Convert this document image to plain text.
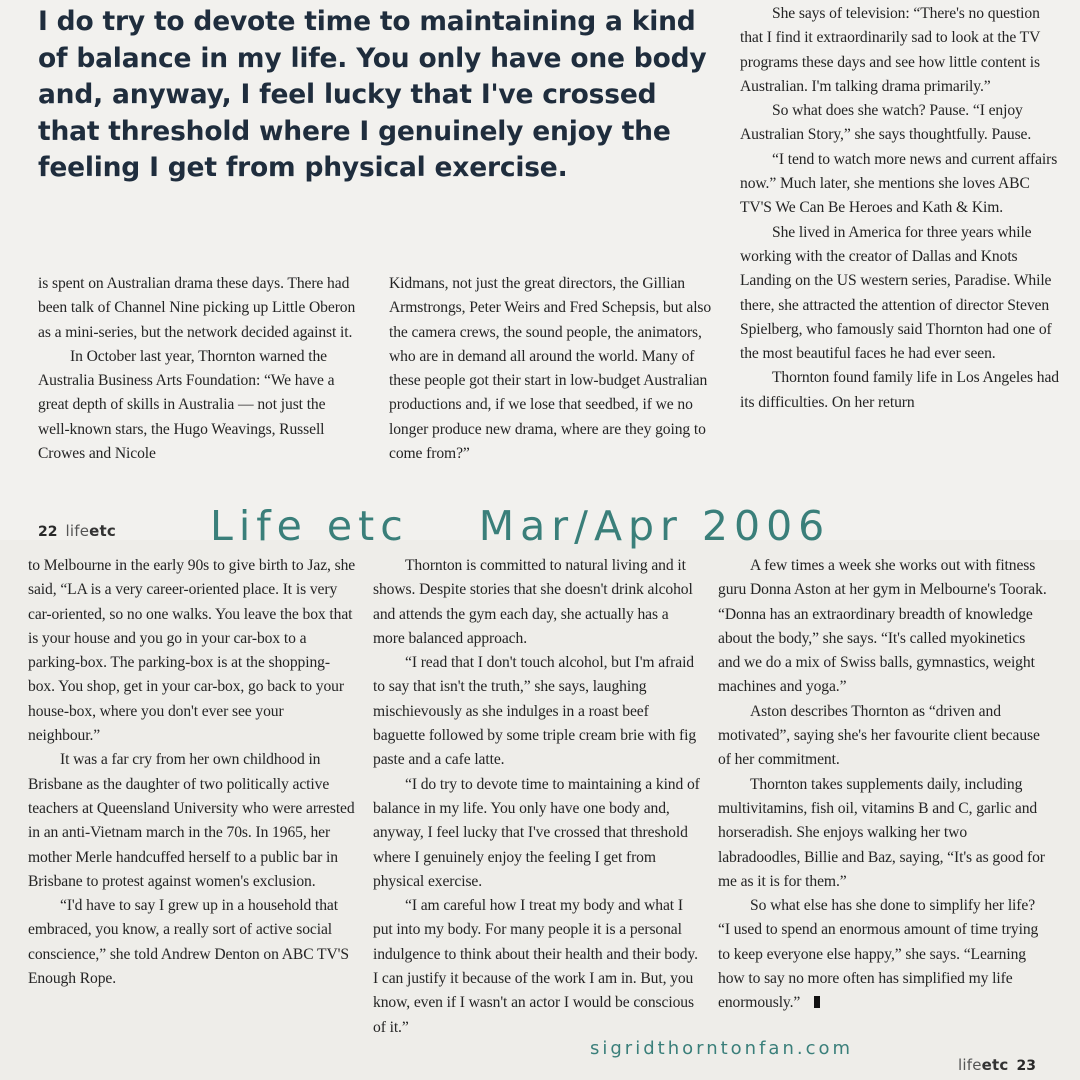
I do try to devote time to maintaining a kind of balance in my life. You only have one body and, anyway, I feel lucky that I've crossed that threshold where I genuinely enjoy the feeling I get from physical exercise.

is spent on Australian drama these days. There had been talk of Channel Nine picking up Little Oberon as a mini-series, but the network decided against it.

In October last year, Thornton warned the Australia Business Arts Foundation: “We have a great depth of skills in Australia — not just the well-known stars, the Hugo Weavings, Russell Crowes and Nicole

Kidmans, not just the great directors, the Gillian Armstrongs, Peter Weirs and Fred Schepsis, but also the camera crews, the sound people, the animators, who are in demand all around the world. Many of these people got their start in low-budget Australian productions and, if we lose that seedbed, if we no longer produce new drama, where are they going to come from?”

She says of television: “There's no question that I find it extraordinarily sad to look at the TV programs these days and see how little content is Australian. I'm talking drama primarily.”

So what does she watch? Pause. “I enjoy Australian Story,” she says thoughtfully. Pause.

“I tend to watch more news and current affairs now.” Much later, she mentions she loves ABC TV'S We Can Be Heroes and Kath & Kim.

She lived in America for three years while working with the creator of Dallas and Knots Landing on the US western series, Paradise. While there, she attracted the attention of director Steven Spielberg, who famously said Thornton had one of the most beautiful faces he had ever seen.

Thornton found family life in Los Angeles had its difficulties. On her return

22 lifeetc

to Melbourne in the early 90s to give birth to Jaz, she said, “LA is a very career-oriented place. It is very car-oriented, so no one walks. You leave the box that is your house and you go in your car-box to a parking-box. The parking-box is at the shopping-box. You shop, get in your car-box, go back to your house-box, where you don't ever see your neighbour.”

It was a far cry from her own childhood in Brisbane as the daughter of two politically active teachers at Queensland University who were arrested in an anti-Vietnam march in the 70s. In 1965, her mother Merle handcuffed herself to a public bar in Brisbane to protest against women's exclusion.

“I'd have to say I grew up in a household that embraced, you know, a really sort of active social conscience,” she told Andrew Denton on ABC TV'S Enough Rope.

Thornton is committed to natural living and it shows. Despite stories that she doesn't drink alcohol and attends the gym each day, she actually has a more balanced approach.

“I read that I don't touch alcohol, but I'm afraid to say that isn't the truth,” she says, laughing mischievously as she indulges in a roast beef baguette followed by some triple cream brie with fig paste and a cafe latte.

“I do try to devote time to maintaining a kind of balance in my life. You only have one body and, anyway, I feel lucky that I've crossed that threshold where I genuinely enjoy the feeling I get from physical exercise.

“I am careful how I treat my body and what I put into my body. For many people it is a personal indulgence to think about their health and their body. I can justify it because of the work I am in. But, you know, even if I wasn't an actor I would be conscious of it.”

A few times a week she works out with fitness guru Donna Aston at her gym in Melbourne's Toorak. “Donna has an extraordinary breadth of knowledge about the body,” she says. “It's called myokinetics and we do a mix of Swiss balls, gymnastics, weight machines and yoga.”

Aston describes Thornton as “driven and motivated”, saying she's her favourite client because of her commitment.

Thornton takes supplements daily, including multivitamins, fish oil, vitamins B and C, garlic and horseradish. She enjoys walking her two labradoodles, Billie and Baz, saying, “It's as good for me as it is for them.”

So what else has she done to simplify her life? “I used to spend an enormous amount of time trying to keep everyone else happy,” she says. “Learning how to say no more often has simplified my life enormously.”

Life etc Mar/Apr 2006
sigridthorntonfan.com
lifeetc 23
